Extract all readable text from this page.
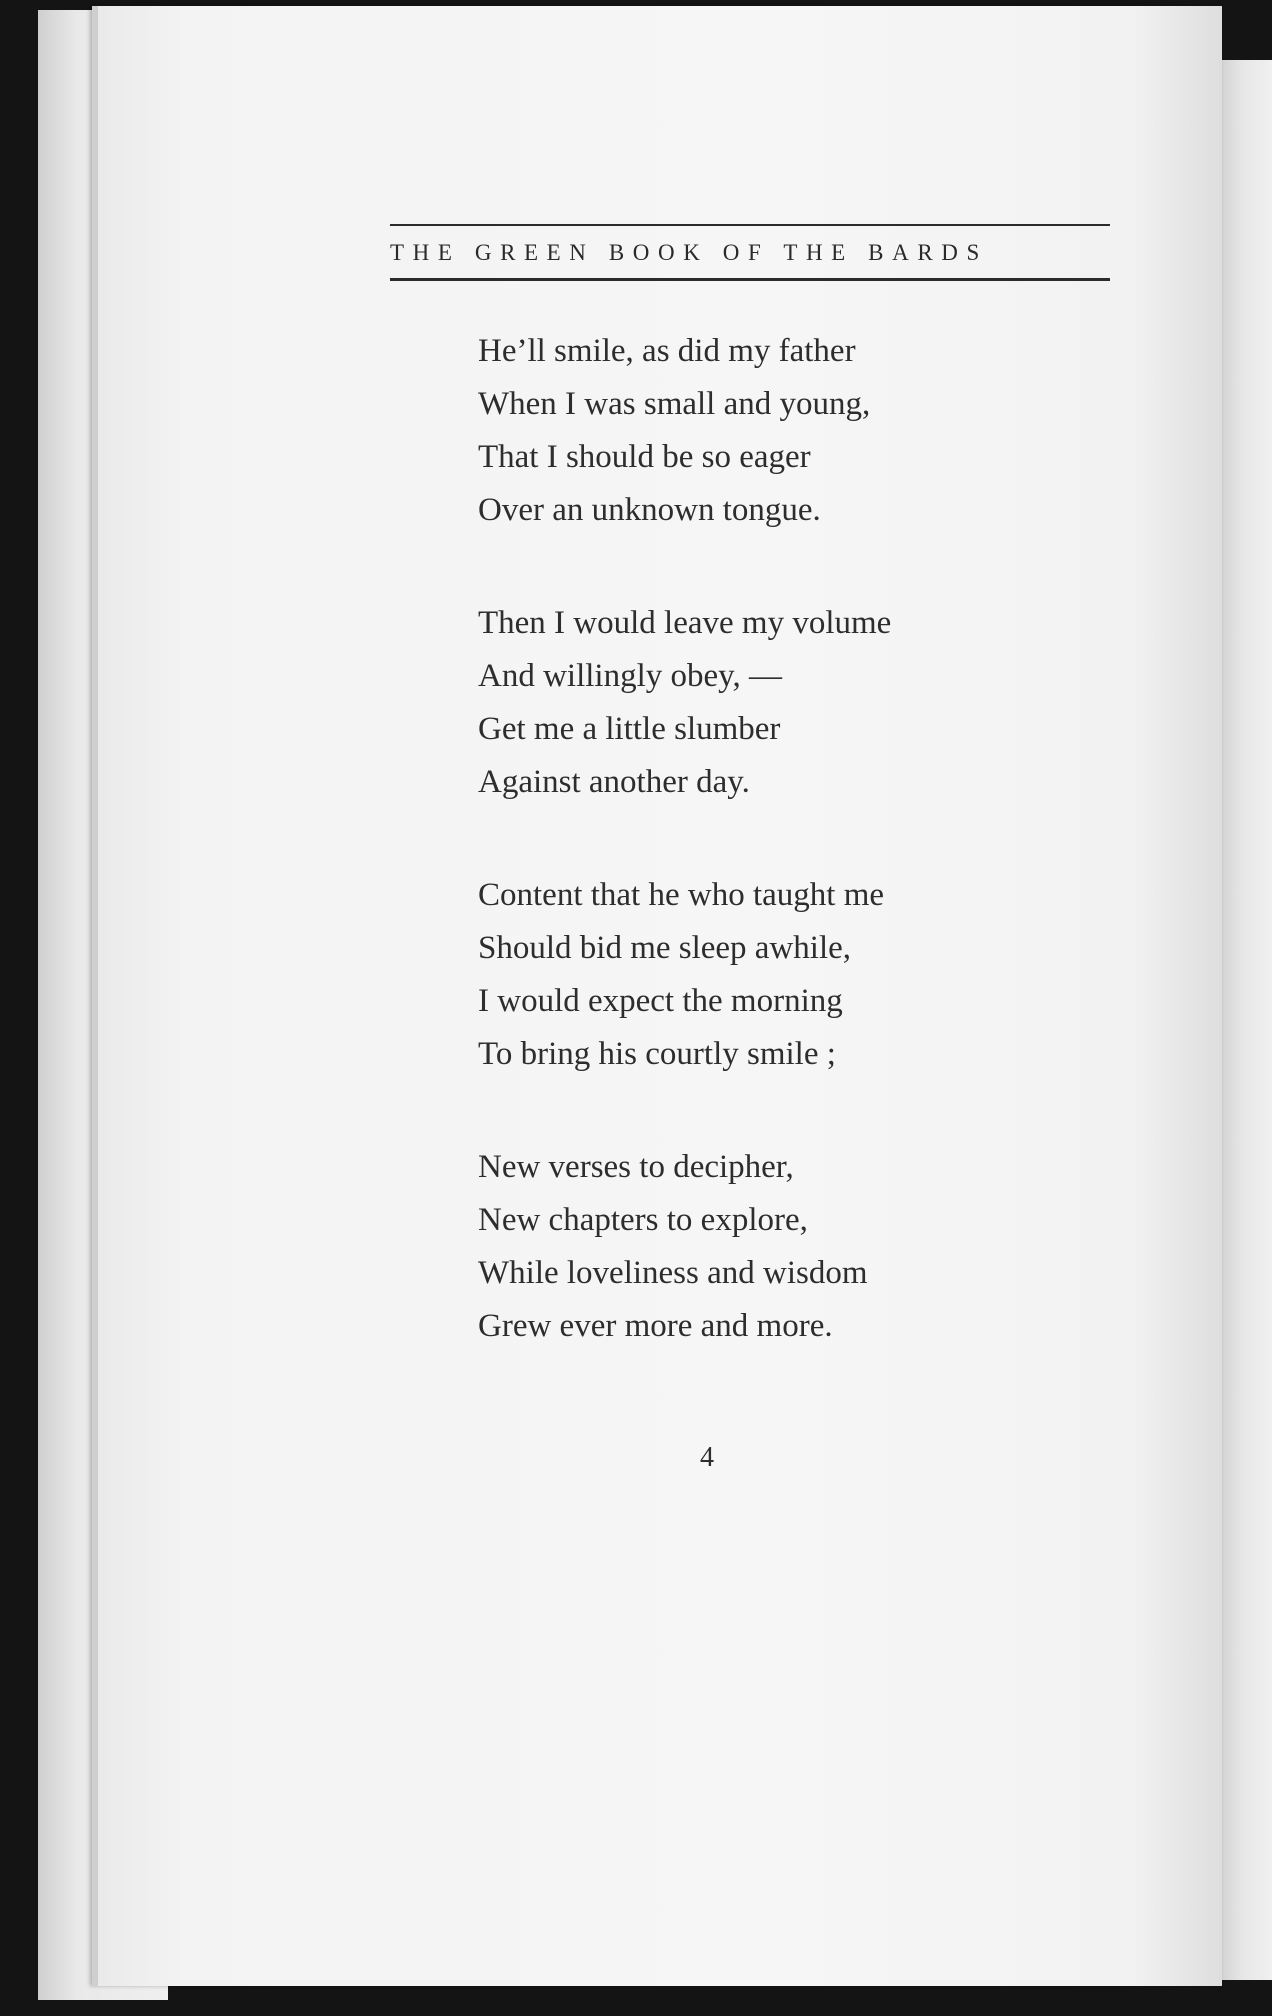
THE GREEN BOOK OF THE BARDS
He’ll smile, as did my father
When I was small and young,
That I should be so eager
Over an unknown tongue.
Then I would leave my volume
And willingly obey, —
Get me a little slumber
Against another day.
Content that he who taught me
Should bid me sleep awhile,
I would expect the morning
To bring his courtly smile ;
New verses to decipher,
New chapters to explore,
While loveliness and wisdom
Grew ever more and more.
4
